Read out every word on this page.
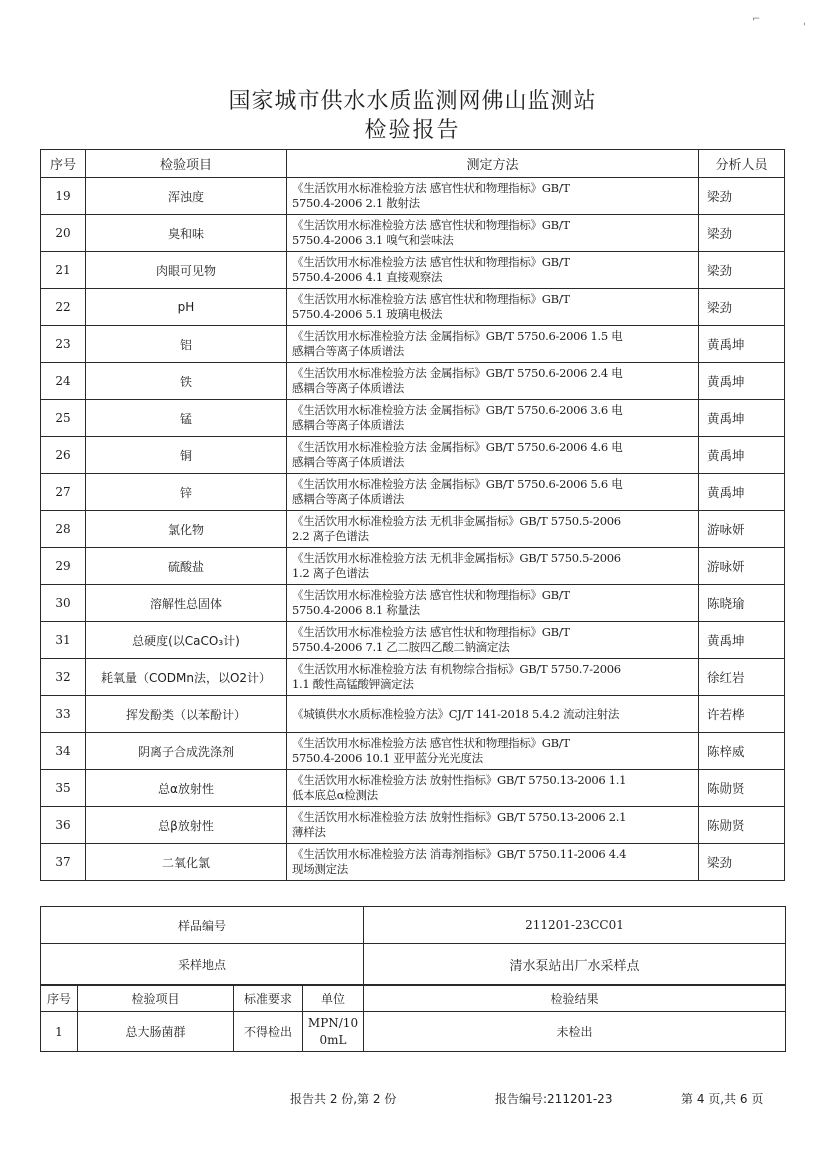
⌐
'
国家城市供水水质监测网佛山监测站
检验报告
序号	检验项目	测定方法	分析人员
19	浑浊度	《生活饮用水标准检验方法 感官性状和物理指标》GB/T
5750.4-2006 2.1 散射法	梁劲
20	臭和味	《生活饮用水标准检验方法 感官性状和物理指标》GB/T
5750.4-2006 3.1 嗅气和尝味法	梁劲
21	肉眼可见物	《生活饮用水标准检验方法 感官性状和物理指标》GB/T
5750.4-2006 4.1 直接观察法	梁劲
22	pH	《生活饮用水标准检验方法 感官性状和物理指标》GB/T
5750.4-2006 5.1 玻璃电极法	梁劲
23	铝	《生活饮用水标准检验方法 金属指标》GB/T 5750.6-2006 1.5 电
感耦合等离子体质谱法	黄禹坤
24	铁	《生活饮用水标准检验方法 金属指标》GB/T 5750.6-2006 2.4 电
感耦合等离子体质谱法	黄禹坤
25	锰	《生活饮用水标准检验方法 金属指标》GB/T 5750.6-2006 3.6 电
感耦合等离子体质谱法	黄禹坤
26	铜	《生活饮用水标准检验方法 金属指标》GB/T 5750.6-2006 4.6 电
感耦合等离子体质谱法	黄禹坤
27	锌	《生活饮用水标准检验方法 金属指标》GB/T 5750.6-2006 5.6 电
感耦合等离子体质谱法	黄禹坤
28	氯化物	《生活饮用水标准检验方法 无机非金属指标》GB/T 5750.5-2006
2.2 离子色谱法	游咏妍
29	硫酸盐	《生活饮用水标准检验方法 无机非金属指标》GB/T 5750.5-2006
1.2 离子色谱法	游咏妍
30	溶解性总固体	《生活饮用水标准检验方法 感官性状和物理指标》GB/T
5750.4-2006 8.1 称量法	陈晓瑜
31	总硬度(以CaCO₃计)	《生活饮用水标准检验方法 感官性状和物理指标》GB/T
5750.4-2006 7.1 乙二胺四乙酸二钠滴定法	黄禹坤
32	耗氧量（CODMn法，以O2计）	《生活饮用水标准检验方法 有机物综合指标》GB/T 5750.7-2006
1.1 酸性高锰酸钾滴定法	徐红岩
33	挥发酚类（以苯酚计）	《城镇供水水质标准检验方法》CJ/T 141-2018 5.4.2 流动注射法	许若桦
34	阴离子合成洗涤剂	《生活饮用水标准检验方法 感官性状和物理指标》GB/T
5750.4-2006 10.1 亚甲蓝分光光度法	陈梓威
35	总α放射性	《生活饮用水标准检验方法 放射性指标》GB/T 5750.13-2006 1.1
低本底总α检测法	陈勋贤
36	总β放射性	《生活饮用水标准检验方法 放射性指标》GB/T 5750.13-2006 2.1
薄样法	陈勋贤
37	二氧化氯	《生活饮用水标准检验方法 消毒剂指标》GB/T 5750.11-2006 4.4
现场测定法	梁劲
样品编号	211201-23CC01
采样地点	清水泵站出厂水采样点
序号	检验项目	标准要求	单位	检验结果
1	总大肠菌群	不得检出	MPN/10
0mL	未检出
报告共 2 份,第 2 份	报告编号:211201-23	第 4 页,共 6 页
